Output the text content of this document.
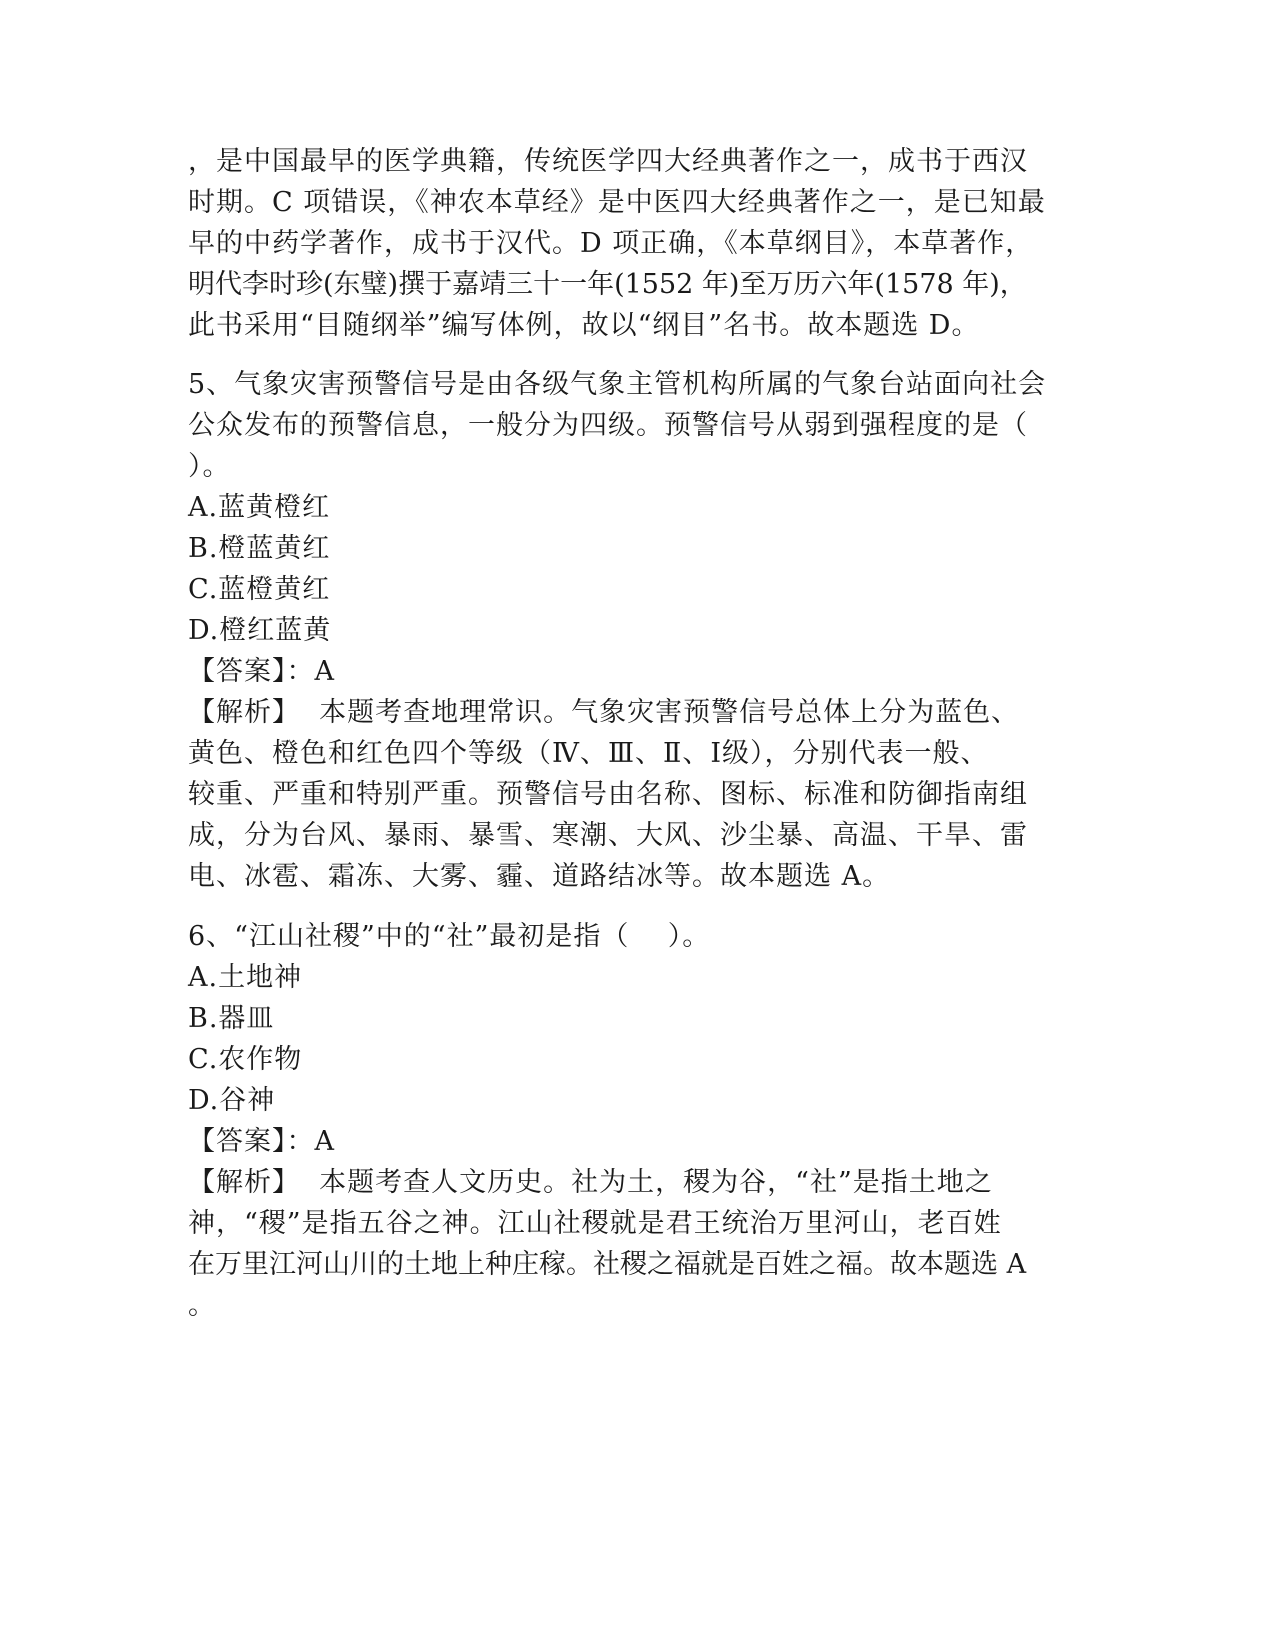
，是中国最早的医学典籍，传统医学四大经典著作之一，成书于西汉
时期。C 项错误，《神农本草经》是中医四大经典著作之一，是已知最
早的中药学著作，成书于汉代。D 项正确，《本草纲目》，本草著作，
明代李时珍(东璧)撰于嘉靖三十一年(1552 年)至万历六年(1578 年)，
此书采用“目随纲举”编写体例，故以“纲目”名书。故本题选 D。
5、气象灾害预警信号是由各级气象主管机构所属的气象台站面向社会
公众发布的预警信息，一般分为四级。预警信号从弱到强程度的是（
）。
A.蓝黄橙红
B.橙蓝黄红
C.蓝橙黄红
D.橙红蓝黄
【答案】：A
【解析】  本题考查地理常识。气象灾害预警信号总体上分为蓝色、
黄色、橙色和红色四个等级（Ⅳ、Ⅲ、Ⅱ、Ⅰ级），分别代表一般、
较重、严重和特别严重。预警信号由名称、图标、标准和防御指南组
成，分为台风、暴雨、暴雪、寒潮、大风、沙尘暴、高温、干旱、雷
电、冰雹、霜冻、大雾、霾、道路结冰等。故本题选 A。
6、“江山社稷”中的“社”最初是指（    ）。
A.土地神
B.器皿
C.农作物
D.谷神
【答案】：A
【解析】  本题考查人文历史。社为土，稷为谷，“社”是指土地之
神，“稷”是指五谷之神。江山社稷就是君王统治万里河山，老百姓
在万里江河山川的土地上种庄稼。社稷之福就是百姓之福。故本题选 A
。
